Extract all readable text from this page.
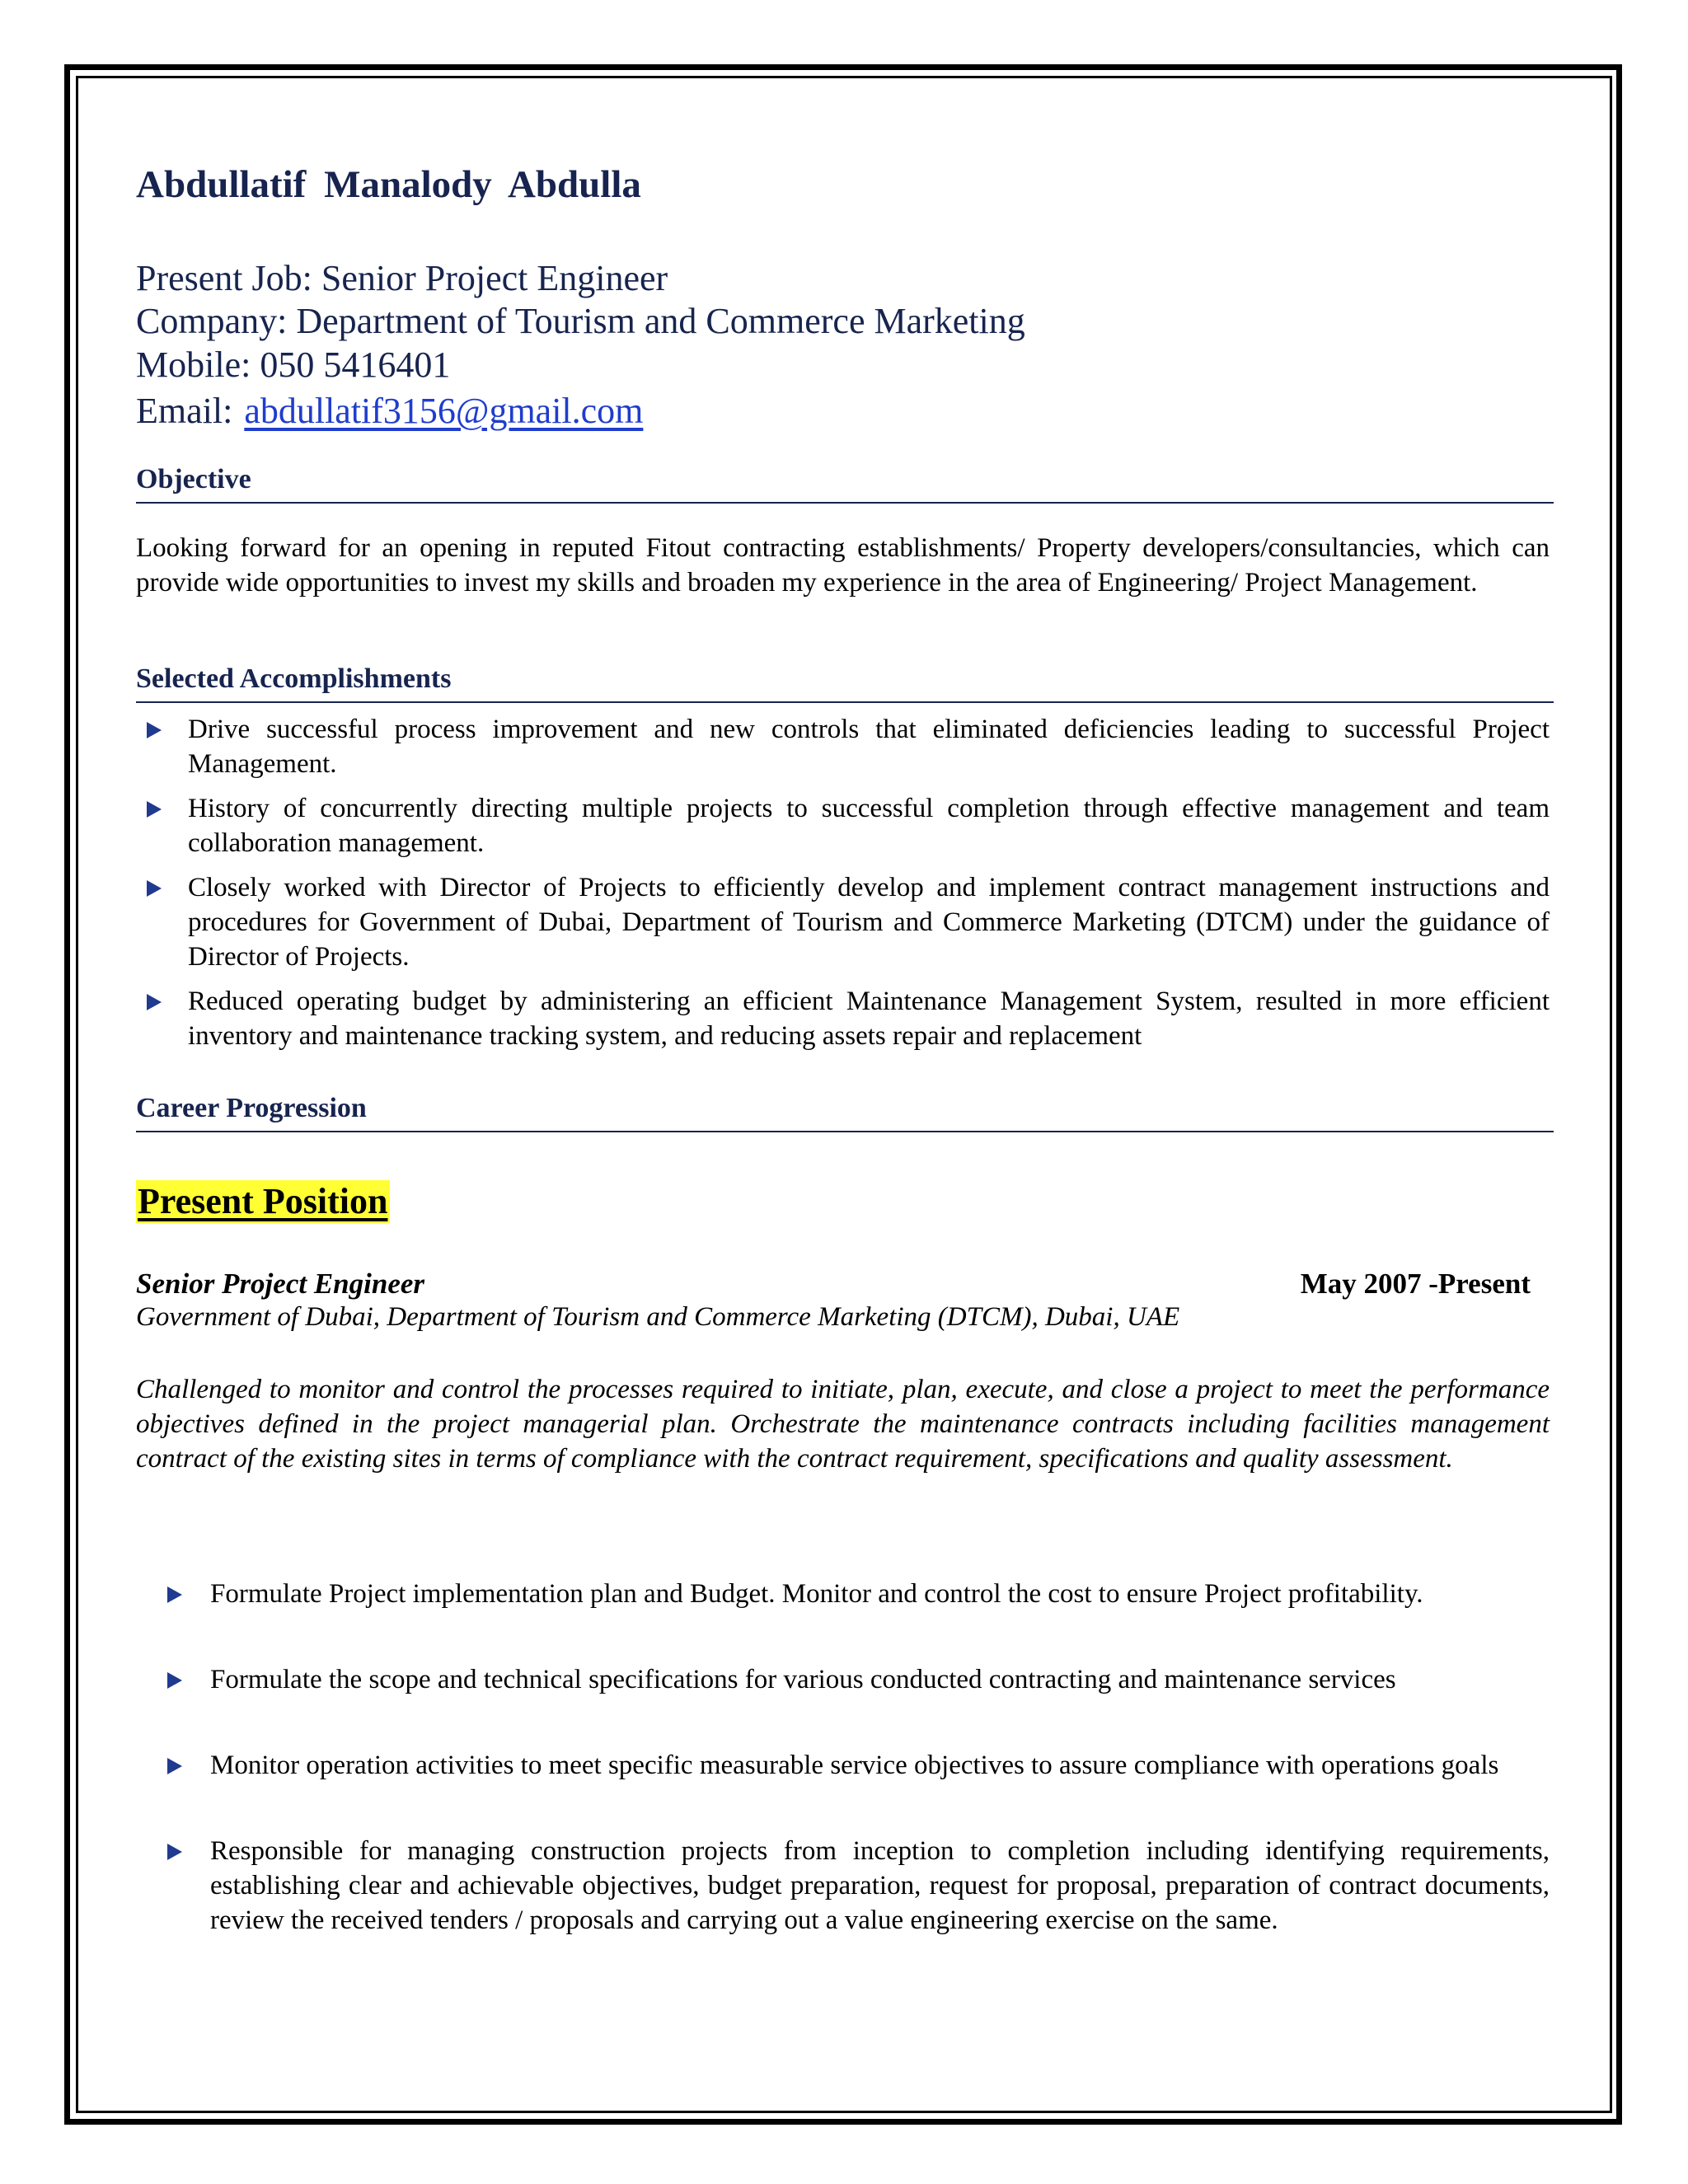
Abdullatif Manalody Abdulla
Present Job: Senior Project Engineer
Company: Department of Tourism and Commerce Marketing
Mobile: 050 5416401
Email: abdullatif3156@gmail.com
Objective
Looking forward for an opening in reputed Fitout contracting establishments/ Property developers/consultancies, which can provide wide opportunities to invest my skills and broaden my experience in the area of Engineering/ Project Management.
Selected Accomplishments
Drive successful process improvement and new controls that eliminated deficiencies leading to successful Project Management.
History of concurrently directing multiple projects to successful completion through effective management and team collaboration management.
Closely worked with Director of Projects to efficiently develop and implement contract management instructions and procedures for Government of Dubai, Department of Tourism and Commerce Marketing (DTCM) under the guidance of Director of Projects.
Reduced operating budget by administering an efficient Maintenance Management System, resulted in more efficient inventory and maintenance tracking system, and reducing assets repair and replacement
Career Progression
Present Position
Senior Project Engineer	May 2007 -Present
Government of Dubai, Department of Tourism and Commerce Marketing (DTCM), Dubai, UAE
Challenged to monitor and control the processes required to initiate, plan, execute, and close a project to meet the performance objectives defined in the project managerial plan. Orchestrate the maintenance contracts including facilities management contract of the existing sites in terms of compliance with the contract requirement, specifications and quality assessment.
Formulate Project implementation plan and Budget. Monitor and control the cost to ensure Project profitability.
Formulate the scope and technical specifications for various conducted contracting and maintenance services
Monitor operation activities to meet specific measurable service objectives to assure compliance with operations goals
Responsible for managing construction projects from inception to completion including identifying requirements, establishing clear and achievable objectives, budget preparation, request for proposal, preparation of contract documents, review the received tenders / proposals and carrying out a value engineering exercise on the same.
